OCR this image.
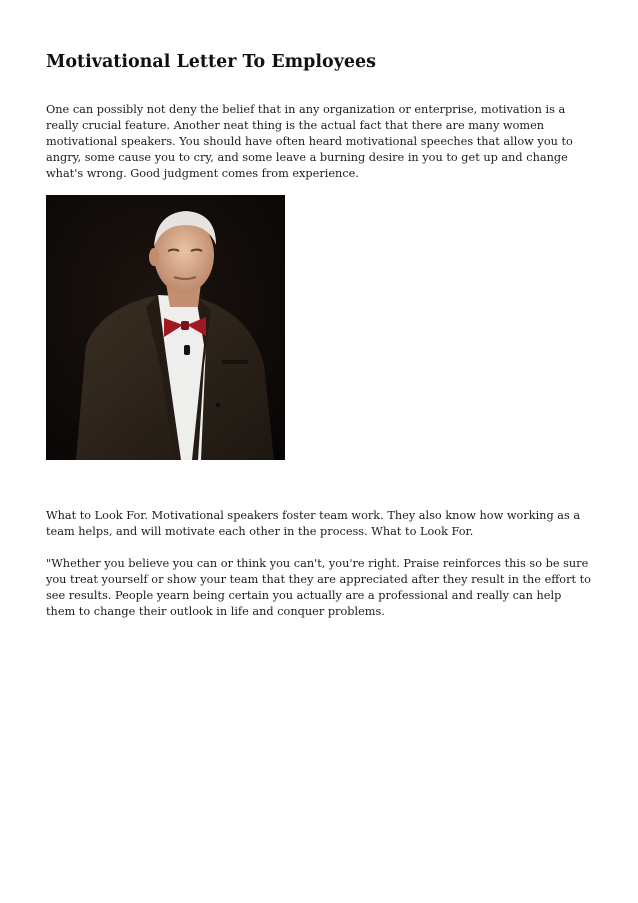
Motivational Letter To Employees

One can possibly not deny the belief that in any organization or enterprise, motivation is a really crucial feature. Another neat thing is the actual fact that there are many women motivational speakers. You should have often heard motivational speeches that allow you to angry, some cause you to cry, and some leave a burning desire in you to get up and change what's wrong. Good judgment comes from experience.

What to Look For. Motivational speakers foster team work. They also know how working as a team helps, and will motivate each other in the process. What to Look For.

"Whether you believe you can or think you can't, you're right. Praise reinforces this so be sure you treat yourself or show your team that they are appreciated after they result in the effort to see results. People yearn being certain you actually are a professional and really can help them to change their outlook in life and conquer problems.
